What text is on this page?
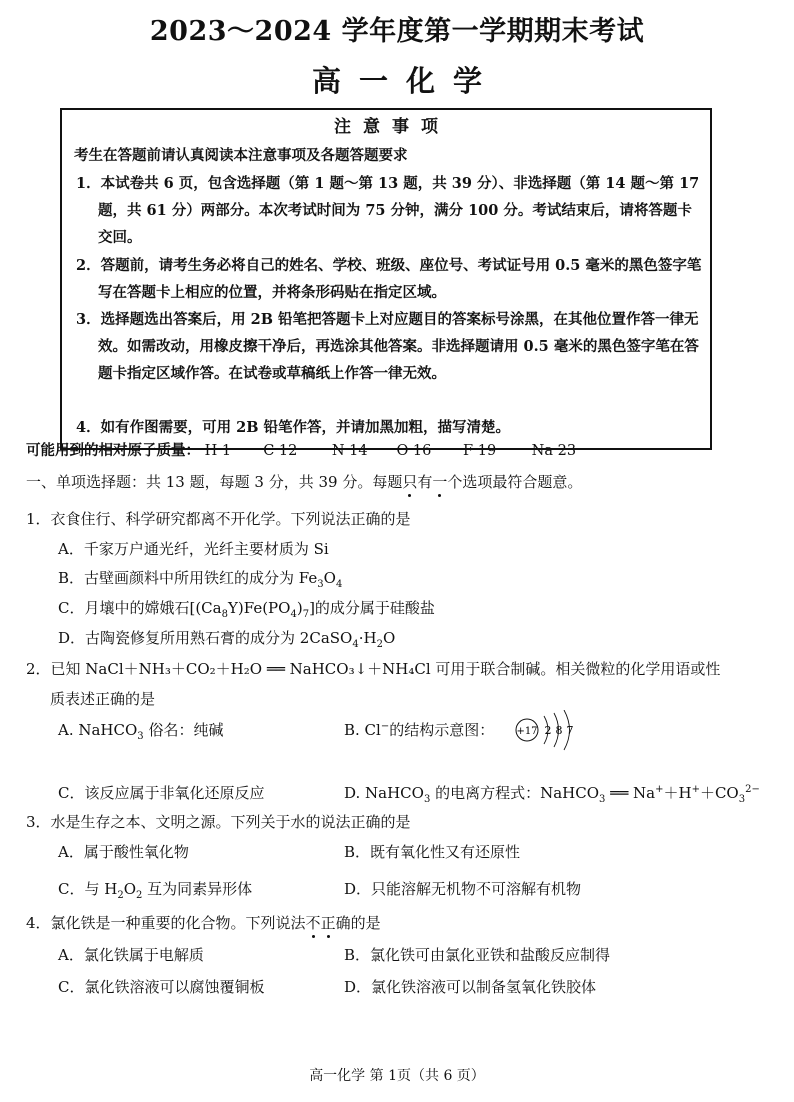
2023～2024 学年度第一学期期末考试
高一化学
注意事项
考生在答题前请认真阅读本注意事项及各题答题要求
1．本试卷共 6 页，包含选择题（第 1 题～第 13 题，共 39 分）、非选择题（第 14 题～第 17 题，共 61 分）两部分。本次考试时间为 75 分钟，满分 100 分。考试结束后，请将答题卡交回。
2．答题前，请考生务必将自己的姓名、学校、班级、座位号、考试证号用 0.5 毫米的黑色签字笔写在答题卡上相应的位置，并将条形码贴在指定区域。
3．选择题选出答案后，用 2B 铅笔把答题卡上对应题目的答案标号涂黑，在其他位置作答一律无效。如需改动，用橡皮擦干净后，再选涂其他答案。非选择题请用 0.5 毫米的黑色签字笔在答题卡指定区域作答。在试卷或草稿纸上作答一律无效。
4．如有作图需要，可用 2B 铅笔作答，并请加黑加粗，描写清楚。
可能用到的相对原子质量： H 1 C 12 N 14 O 16 F 19 Na 23
一、单项选择题：共 13 题，每题 3 分，共 39 分。每题只有一个选项最符合题意。
1．衣食住行、科学研究都离不开化学。下列说法正确的是
A．千家万户通光纤，光纤主要材质为 Si
B．古壁画颜料中所用铁红的成分为 $Fe_3O_4$
C．月壤中的嫦娥石$[(Ca_8Y)Fe(PO_4)_7]$的成分属于硅酸盐
D．古陶瓷修复所用熟石膏的成分为 $2CaSO_4\cdot H_2O$
2．已知 NaCl＋NH₃＋CO₂＋H₂O ══ NaHCO₃↓＋NH₄Cl 可用于联合制碱。相关微粒的化学用语或性
质表述正确的是
A. NaHCO$_3$ 俗名：纯碱	B. Cl−的结构示意图： +17 2 8 7
C．该反应属于非氧化还原反应	D. NaHCO$_3$ 的电离方程式：NaHCO$_3$ ══ $Na^++H^++CO_3^{2-}$
3．水是生存之本、文明之源。下列关于水的说法正确的是
A．属于酸性氧化物	B．既有氧化性又有还原性
C．与 $H_2O_2$ 互为同素异形体	D．只能溶解无机物不可溶解有机物
4．氯化铁是一种重要的化合物。下列说法不正确的是
A．氯化铁属于电解质	B．氯化铁可由氯化亚铁和盐酸反应制得
C．氯化铁溶液可以腐蚀覆铜板	D．氯化铁溶液可以制备氢氧化铁胶体
高一化学 第 1页（共 6 页）
